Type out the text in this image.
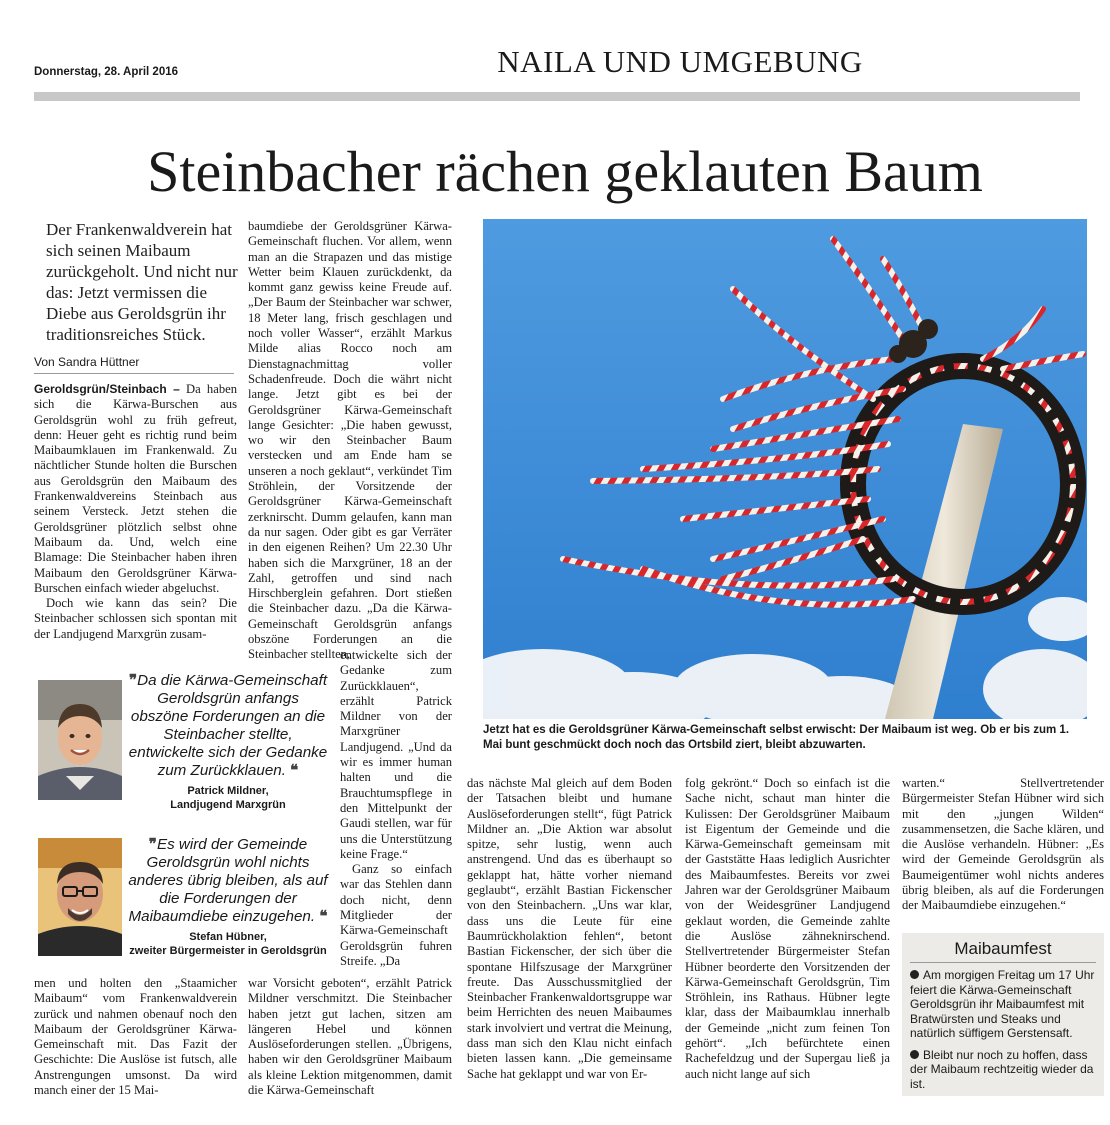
Donnerstag, 28. April 2016	NAILA UND UMGEBUNG
Steinbacher rächen geklauten Baum
Der Frankenwaldverein hat sich seinen Maibaum zurückgeholt. Und nicht nur das: Jetzt vermissen die Diebe aus Geroldsgrün ihr traditionsreiches Stück.
Von Sandra Hüttner

Geroldsgrün/Steinbach – Da haben sich die Kärwa-Burschen aus Geroldsgrün wohl zu früh gefreut, denn: Heuer geht es richtig rund beim Maibaumklauen im Frankenwald. Zu nächtlicher Stunde holten die Burschen aus Geroldsgrün den Maibaum des Frankenwaldvereins Steinbach aus seinem Versteck. Jetzt stehen die Geroldsgrüner plötzlich selbst ohne Maibaum da. Und, welch eine Blamage: Die Steinbacher haben ihren Maibaum den Geroldsgrüner Kärwa-Burschen einfach wieder abgeluchst.

Doch wie kann das sein? Die Steinbacher schlossen sich spontan mit der Landjugend Marxgrün zusam-

baumdiebe der Geroldsgrüner Kärwa-Gemeinschaft fluchen. Vor allem, wenn man an die Strapazen und das mistige Wetter beim Klauen zurückdenkt, da kommt ganz gewiss keine Freude auf. „Der Baum der Steinbacher war schwer, 18 Meter lang, frisch geschlagen und noch voller Wasser“, erzählt Markus Milde alias Rocco noch am Dienstagnachmittag voller Schadenfreude. Doch die währt nicht lange. Jetzt gibt es bei der Geroldsgrüner Kärwa-Gemeinschaft lange Gesichter: „Die haben gewusst, wo wir den Steinbacher Baum verstecken und am Ende ham se unseren a noch geklaut“, verkündet Tim Ströhlein, der Vorsitzende der Geroldsgrüner Kärwa-Gemeinschaft zerknirscht. Dumm gelaufen, kann man da nur sagen. Oder gibt es gar Verräter in den eigenen Reihen? Um 22.30 Uhr haben sich die Marxgrüner, 18 an der Zahl, getroffen und sind nach Hirschberglein gefahren. Dort stießen die Steinbacher dazu. „Da die Kärwa-Gemeinschaft Geroldsgrün anfangs obszöne Forderungen an die Steinbacher stellten,

entwickelte sich der Gedanke zum Zurückklauen“, erzählt Patrick Mildner von der Marxgrüner Landjugend. „Und da wir es immer human halten und die Brauchtumspflege in den Mittelpunkt der Gaudi stellen, war für uns die Unterstützung keine Frage.“

Ganz so einfach war das Stehlen dann doch nicht, denn Mitglieder der Kärwa-Gemeinschaft Geroldsgrün fuhren Streife. „Da

❞Da die Kärwa-Gemeinschaft Geroldsgrün anfangs obszöne Forderungen an die Steinbacher stellte, entwickelte sich der Gedanke zum Zurückklauen. ❝
Patrick Mildner,
Landjugend Marxgrün
❞Es wird der Gemeinde Geroldsgrün wohl nichts anderes übrig bleiben, als auf die Forderungen der Maibaumdiebe einzugehen. ❝
Stefan Hübner,
zweiter Bürgermeister in Geroldsgrün

men und holten den „Staamicher Maibaum“ vom Frankenwaldverein zurück und nahmen obenauf noch den Maibaum der Geroldsgrüner Kärwa-Gemeinschaft mit. Das Fazit der Geschichte: Die Auslöse ist futsch, alle Anstrengungen umsonst. Da wird manch einer der 15 Mai-

war Vorsicht geboten“, erzählt Patrick Mildner verschmitzt. Die Steinbacher haben jetzt gut lachen, sitzen am längeren Hebel und können Auslöseforderungen stellen. „Übrigens, haben wir den Geroldsgrüner Maibaum als kleine Lektion mitgenommen, damit die Kärwa-Gemeinschaft

Jetzt hat es die Geroldsgrüner Kärwa-Gemeinschaft selbst erwischt: Der Maibaum ist weg. Ob er bis zum 1. Mai bunt geschmückt doch noch das Ortsbild ziert, bleibt abzuwarten.

das nächste Mal gleich auf dem Boden der Tatsachen bleibt und humane Auslöseforderungen stellt“, fügt Patrick Mildner an. „Die Aktion war absolut spitze, sehr lustig, wenn auch anstrengend. Und das es überhaupt so geklappt hat, hätte vorher niemand geglaubt“, erzählt Bastian Fickenscher von den Steinbachern. „Uns war klar, dass uns die Leute für eine Baumrückholaktion fehlen“, betont Bastian Fickenscher, der sich über die spontane Hilfszusage der Marxgrüner freute. Das Ausschussmitglied der Steinbacher Frankenwaldortsgruppe war beim Herrichten des neuen Maibaumes stark involviert und vertrat die Meinung, dass man sich den Klau nicht einfach bieten lassen kann. „Die gemeinsame Sache hat geklappt und war von Er-

folg gekrönt.“ Doch so einfach ist die Sache nicht, schaut man hinter die Kulissen: Der Geroldsgrüner Maibaum ist Eigentum der Gemeinde und die Kärwa-Gemeinschaft gemeinsam mit der Gaststätte Haas lediglich Ausrichter des Maibaumfestes. Bereits vor zwei Jahren war der Geroldsgrüner Maibaum von der Weidesgrüner Landjugend geklaut worden, die Gemeinde zahlte die Auslöse zähneknirschend. Stellvertretender Bürgermeister Stefan Hübner beorderte den Vorsitzenden der Kärwa-Gemeinschaft Geroldsgrün, Tim Ströhlein, ins Rathaus. Hübner legte klar, dass der Maibaumklau innerhalb der Gemeinde „nicht zum feinen Ton gehört“. „Ich befürchtete einen Rachefeldzug und der Supergau ließ ja auch nicht lange auf sich

warten.“ Stellvertretender Bürgermeister Stefan Hübner wird sich mit den „jungen Wilden“ zusammensetzen, die Sache klären, und die Auslöse verhandeln. Hübner: „Es wird der Gemeinde Geroldsgrün als Baumeigentümer wohl nichts anderes übrig bleiben, als auf die Forderungen der Maibaumdiebe einzugehen.“

Maibaumfest

Am morgigen Freitag um 17 Uhr feiert die Kärwa-Gemeinschaft Geroldsgrün ihr Maibaumfest mit Bratwürsten und Steaks und natürlich süffigem Gerstensaft.

Bleibt nur noch zu hoffen, dass der Maibaum rechtzeitig wieder da ist.
